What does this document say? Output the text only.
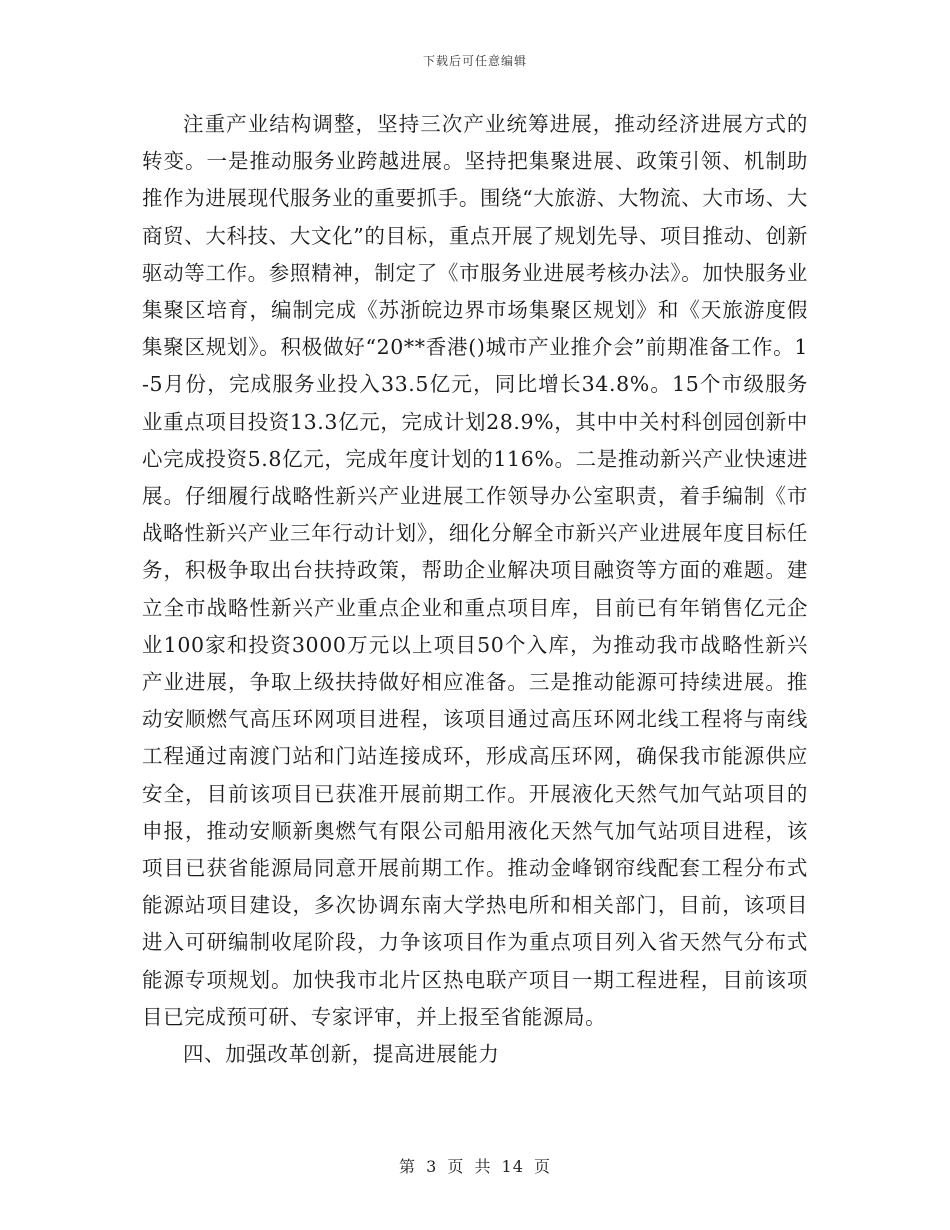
下载后可任意编辑

注重产业结构调整，坚持三次产业统筹进展，推动经济进展方式的转变。一是推动服务业跨越进展。坚持把集聚进展、政策引领、机制助推作为进展现代服务业的重要抓手。围绕“大旅游、大物流、大市场、大商贸、大科技、大文化”的目标，重点开展了规划先导、项目推动、创新驱动等工作。参照精神，制定了《市服务业进展考核办法》。加快服务业集聚区培育，编制完成《苏浙皖边界市场集聚区规划》和《天旅游度假集聚区规划》。积极做好“20**香港()城市产业推介会”前期准备工作。1-5月份，完成服务业投入33.5亿元，同比增长34.8%。15个市级服务业重点项目投资13.3亿元，完成计划28.9%，其中中关村科创园创新中心完成投资5.8亿元，完成年度计划的116%。二是推动新兴产业快速进展。仔细履行战略性新兴产业进展工作领导办公室职责，着手编制《市战略性新兴产业三年行动计划》，细化分解全市新兴产业进展年度目标任务，积极争取出台扶持政策，帮助企业解决项目融资等方面的难题。建立全市战略性新兴产业重点企业和重点项目库，目前已有年销售亿元企业100家和投资3000万元以上项目50个入库，为推动我市战略性新兴产业进展，争取上级扶持做好相应准备。三是推动能源可持续进展。推动安顺燃气高压环网项目进程，该项目通过高压环网北线工程将与南线工程通过南渡门站和门站连接成环，形成高压环网，确保我市能源供应安全，目前该项目已获准开展前期工作。开展液化天然气加气站项目的申报，推动安顺新奥燃气有限公司船用液化天然气加气站项目进程，该项目已获省能源局同意开展前期工作。推动金峰钢帘线配套工程分布式能源站项目建设，多次协调东南大学热电所和相关部门，目前，该项目进入可研编制收尾阶段，力争该项目作为重点项目列入省天然气分布式能源专项规划。加快我市北片区热电联产项目一期工程进程，目前该项目已完成预可研、专家评审，并上报至省能源局。

四、加强改革创新，提高进展能力

第 3 页 共 14 页
